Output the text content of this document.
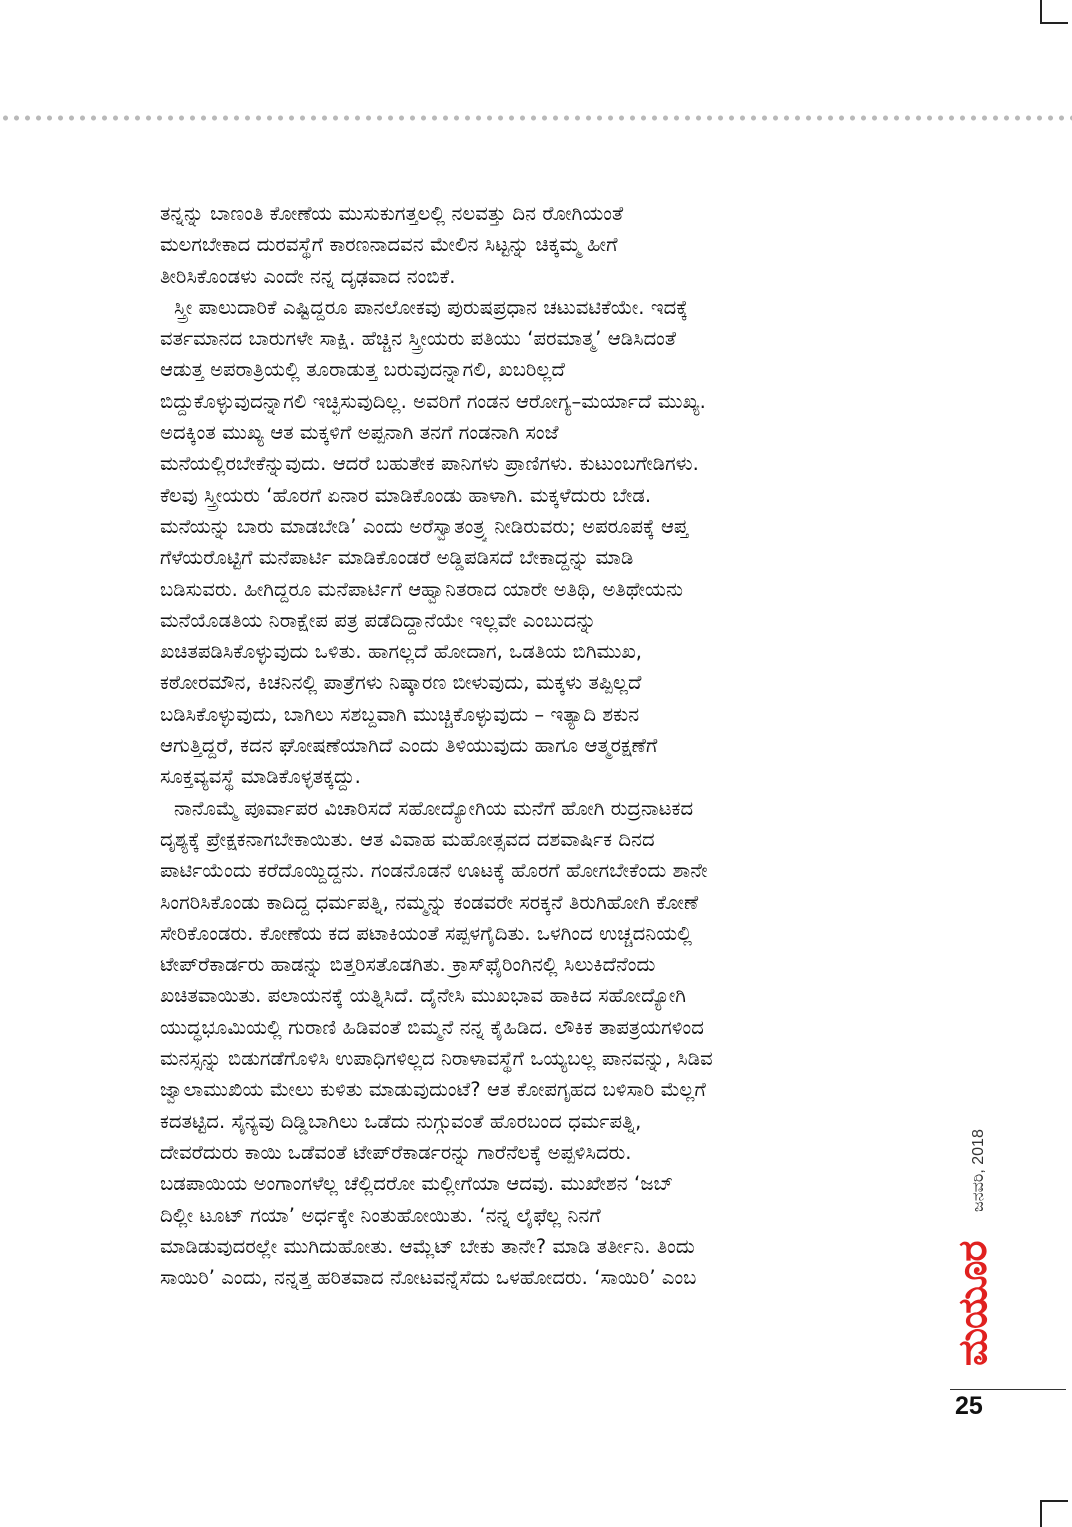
ತನ್ನನ್ನು ಬಾಣಂತಿ ಕೋಣೆಯ ಮುಸುಕುಗತ್ತಲಲ್ಲಿ ನಲವತ್ತು ದಿನ ರೋಗಿಯಂತೆ
ಮಲಗಬೇಕಾದ ದುರವಸ್ಥೆಗೆ ಕಾರಣನಾದವನ ಮೇಲಿನ ಸಿಟ್ಟನ್ನು ಚಿಕ್ಕಮ್ಮ ಹೀಗೆ
ತೀರಿಸಿಕೊಂಡಳು ಎಂದೇ ನನ್ನ ದೃಢವಾದ ನಂಬಿಕೆ.
ಸ್ತ್ರೀ ಪಾಲುದಾರಿಕೆ ಎಷ್ಟಿದ್ದರೂ ಪಾನಲೋಕವು ಪುರುಷಪ್ರಧಾನ ಚಟುವಟಿಕೆಯೇ. ಇದಕ್ಕೆ
ವರ್ತಮಾನದ ಬಾರುಗಳೇ ಸಾಕ್ಷಿ. ಹೆಚ್ಚಿನ ಸ್ತ್ರೀಯರು ಪತಿಯು ‘ಪರಮಾತ್ಮ’ ಆಡಿಸಿದಂತೆ
ಆಡುತ್ತ ಅಪರಾತ್ರಿಯಲ್ಲಿ ತೂರಾಡುತ್ತ ಬರುವುದನ್ನಾಗಲಿ, ಖಬರಿಲ್ಲದೆ
ಬಿದ್ದುಕೊಳ್ಳುವುದನ್ನಾಗಲಿ ಇಚ್ಛಿಸುವುದಿಲ್ಲ. ಅವರಿಗೆ ಗಂಡನ ಆರೋಗ್ಯ–ಮರ್ಯಾದೆ ಮುಖ್ಯ.
ಅದಕ್ಕಿಂತ ಮುಖ್ಯ ಆತ ಮಕ್ಕಳಿಗೆ ಅಪ್ಪನಾಗಿ ತನಗೆ ಗಂಡನಾಗಿ ಸಂಜೆ
ಮನೆಯಲ್ಲಿರಬೇಕೆನ್ನುವುದು. ಆದರೆ ಬಹುತೇಕ ಪಾನಿಗಳು ಪ್ರಾಣಿಗಳು. ಕುಟುಂಬಗೇಡಿಗಳು.
ಕೆಲವು ಸ್ತ್ರೀಯರು ‘ಹೊರಗೆ ಏನಾರ ಮಾಡಿಕೊಂಡು ಹಾಳಾಗಿ. ಮಕ್ಕಳೆದುರು ಬೇಡ.
ಮನೆಯನ್ನು ಬಾರು ಮಾಡಬೇಡಿ’ ಎಂದು ಅರೆಸ್ವಾತಂತ್ರ್ಯ ನೀಡಿರುವರು; ಅಪರೂಪಕ್ಕೆ ಆಪ್ತ
ಗೆಳೆಯರೊಟ್ಟಿಗೆ ಮನೆಪಾರ್ಟಿ ಮಾಡಿಕೊಂಡರೆ ಅಡ್ಡಿಪಡಿಸದೆ ಬೇಕಾದ್ದನ್ನು ಮಾಡಿ
ಬಡಿಸುವರು. ಹೀಗಿದ್ದರೂ ಮನೆಪಾರ್ಟಿಗೆ ಆಹ್ವಾನಿತರಾದ ಯಾರೇ ಅತಿಥಿ, ಅತಿಥೇಯನು
ಮನೆಯೊಡತಿಯ ನಿರಾಕ್ಷೇಪ ಪತ್ರ ಪಡೆದಿದ್ದಾನೆಯೇ ಇಲ್ಲವೇ ಎಂಬುದನ್ನು
ಖಚಿತಪಡಿಸಿಕೊಳ್ಳುವುದು ಒಳಿತು. ಹಾಗಲ್ಲದೆ ಹೋದಾಗ, ಒಡತಿಯ ಬಿಗಿಮುಖ,
ಕಠೋರಮೌನ, ಕಿಚನಿನಲ್ಲಿ ಪಾತ್ರೆಗಳು ನಿಷ್ಕಾರಣ ಬೀಳುವುದು, ಮಕ್ಕಳು ತಪ್ಪಿಲ್ಲದೆ
ಬಡಿಸಿಕೊಳ್ಳುವುದು, ಬಾಗಿಲು ಸಶಬ್ದವಾಗಿ ಮುಚ್ಚಿಕೊಳ್ಳುವುದು – ಇತ್ಯಾದಿ ಶಕುನ
ಆಗುತ್ತಿದ್ದರೆ, ಕದನ ಘೋಷಣೆಯಾಗಿದೆ ಎಂದು ತಿಳಿಯುವುದು ಹಾಗೂ ಆತ್ಮರಕ್ಷಣೆಗೆ
ಸೂಕ್ತವ್ಯವಸ್ಥೆ ಮಾಡಿಕೊಳ್ಳತಕ್ಕದ್ದು.
ನಾನೊಮ್ಮೆ ಪೂರ್ವಾಪರ ವಿಚಾರಿಸದೆ ಸಹೋದ್ಯೋಗಿಯ ಮನೆಗೆ ಹೋಗಿ ರುದ್ರನಾಟಕದ
ದೃಶ್ಯಕ್ಕೆ ಪ್ರೇಕ್ಷಕನಾಗಬೇಕಾಯಿತು. ಆತ ವಿವಾಹ ಮಹೋತ್ಸವದ ದಶವಾರ್ಷಿಕ ದಿನದ
ಪಾರ್ಟಿಯೆಂದು ಕರೆದೊಯ್ದಿದ್ದನು. ಗಂಡನೊಡನೆ ಊಟಕ್ಕೆ ಹೊರಗೆ ಹೋಗಬೇಕೆಂದು ಶಾನೇ
ಸಿಂಗರಿಸಿಕೊಂಡು ಕಾದಿದ್ದ ಧರ್ಮಪತ್ನಿ, ನಮ್ಮನ್ನು ಕಂಡವರೇ ಸರಕ್ಕನೆ ತಿರುಗಿಹೋಗಿ ಕೋಣೆ
ಸೇರಿಕೊಂಡರು. ಕೋಣೆಯ ಕದ ಪಟಾಕಿಯಂತೆ ಸಪ್ಪಳಗೈದಿತು. ಒಳಗಿಂದ ಉಚ್ಚದನಿಯಲ್ಲಿ
ಟೇಪ್‌ರೆಕಾರ್ಡರು ಹಾಡನ್ನು ಬಿತ್ತರಿಸತೊಡಗಿತು. ಕ್ರಾಸ್‌ಫೈರಿಂಗಿನಲ್ಲಿ ಸಿಲುಕಿದೆನೆಂದು
ಖಚಿತವಾಯಿತು. ಪಲಾಯನಕ್ಕೆ ಯತ್ನಿಸಿದೆ. ದೈನೇಸಿ ಮುಖಭಾವ ಹಾಕಿದ ಸಹೋದ್ಯೋಗಿ
ಯುದ್ಧಭೂಮಿಯಲ್ಲಿ ಗುರಾಣಿ ಹಿಡಿವಂತೆ ಬಿಮ್ಮನೆ ನನ್ನ ಕೈಹಿಡಿದ. ಲೌಕಿಕ ತಾಪತ್ರಯಗಳಿಂದ
ಮನಸ್ಸನ್ನು ಬಿಡುಗಡೆಗೊಳಿಸಿ ಉಪಾಧಿಗಳಿಲ್ಲದ ನಿರಾಳಾವಸ್ಥೆಗೆ ಒಯ್ಯಬಲ್ಲ ಪಾನವನ್ನು, ಸಿಡಿವ
ಜ್ವಾಲಾಮುಖಿಯ ಮೇಲು ಕುಳಿತು ಮಾಡುವುದುಂಟೆ? ಆತ ಕೋಪಗೃಹದ ಬಳಿಸಾರಿ ಮೆಲ್ಲಗೆ
ಕದತಟ್ಟಿದ. ಸೈನ್ಯವು ದಿಡ್ಡಿಬಾಗಿಲು ಒಡೆದು ನುಗ್ಗುವಂತೆ ಹೊರಬಂದ ಧರ್ಮಪತ್ನಿ,
ದೇವರೆದುರು ಕಾಯಿ ಒಡೆವಂತೆ ಟೇಪ್‌ರೆಕಾರ್ಡರನ್ನು ಗಾರೆನೆಲಕ್ಕೆ ಅಪ್ಪಳಿಸಿದರು.
ಬಡಪಾಯಿಯ ಅಂಗಾಂಗಳೆಲ್ಲ ಚೆಲ್ಲಿದರೋ ಮಲ್ಲೀಗೆಯಾ ಆದವು. ಮುಖೇಶನ ‘ಜಬ್
ದಿಲ್ಲೀ ಟೂಟ್ ಗಯಾ’ ಅರ್ಧಕ್ಕೇ ನಿಂತುಹೋಯಿತು. ‘ನನ್ನ ಲೈಫೆಲ್ಲ ನಿನಗೆ
ಮಾಡಿಡುವುದರಲ್ಲೇ ಮುಗಿದುಹೋತು. ಆಮ್ಲೆಟ್ ಬೇಕು ತಾನೇ? ಮಾಡಿ ತರ್ತೀನಿ. ತಿಂದು
ಸಾಯಿರಿ’ ಎಂದು, ನನ್ನತ್ತ ಹರಿತವಾದ ನೋಟವನ್ನೆಸೆದು ಒಳಹೋದರು. ‘ಸಾಯಿರಿ’ ಎಂಬ
ಜನವರಿ, 2018
ಮಯೂರ
25
